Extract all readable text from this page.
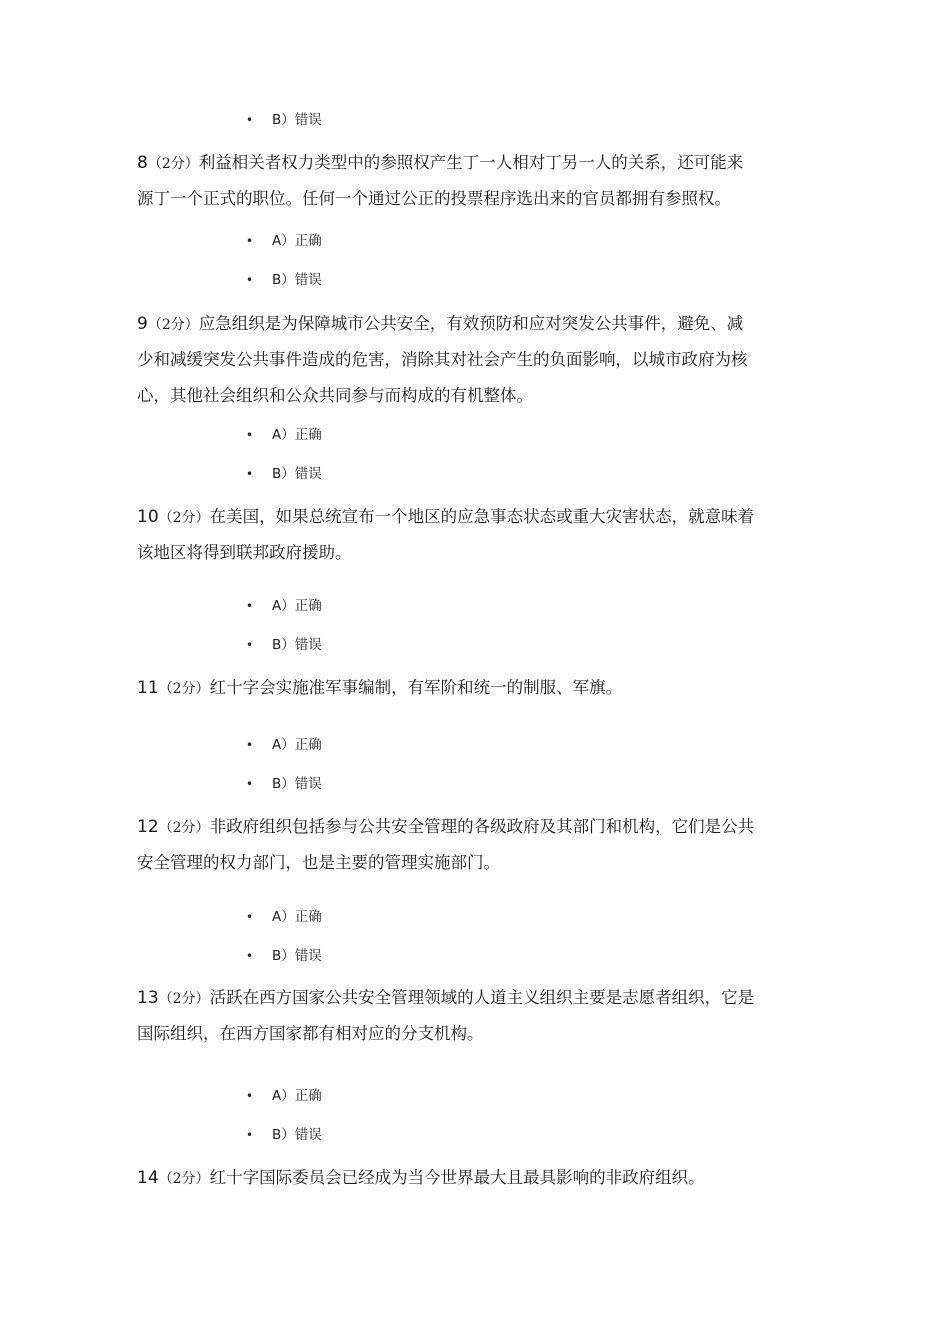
• B）错误
8（2分）利益相关者权力类型中的参照权产生丁一人相对丁另一人的关系，还可能来
源丁一个正式的职位。任何一个通过公正的投票程序选出来的官员都拥有参照权。
• A）正确
• B）错误
9（2分）应急组织是为保障城市公共安全，有效预防和应对突发公共事件，避免、减
少和减缓突发公共事件造成的危害，消除其对社会产生的负面影响，以城市政府为核
心，其他社会组织和公众共同参与而构成的有机整体。
• A）正确
• B）错误
10（2分）在美国，如果总统宣布一个地区的应急事态状态或重大灾害状态，就意味着
该地区将得到联邦政府援助。
• A）正确
• B）错误
11（2分）红十字会实施准军事编制，有军阶和统一的制服、军旗。
• A）正确
• B）错误
12（2分）非政府组织包括参与公共安全管理的各级政府及其部门和机构，它们是公共
安全管理的权力部门，也是主要的管理实施部门。
• A）正确
• B）错误
13（2分）活跃在西方国家公共安全管理领域的人道主义组织主要是志愿者组织，它是
国际组织，在西方国家都有相对应的分支机构。
• A）正确
• B）错误
14（2分）红十字国际委员会已经成为当今世界最大且最具影响的非政府组织。
